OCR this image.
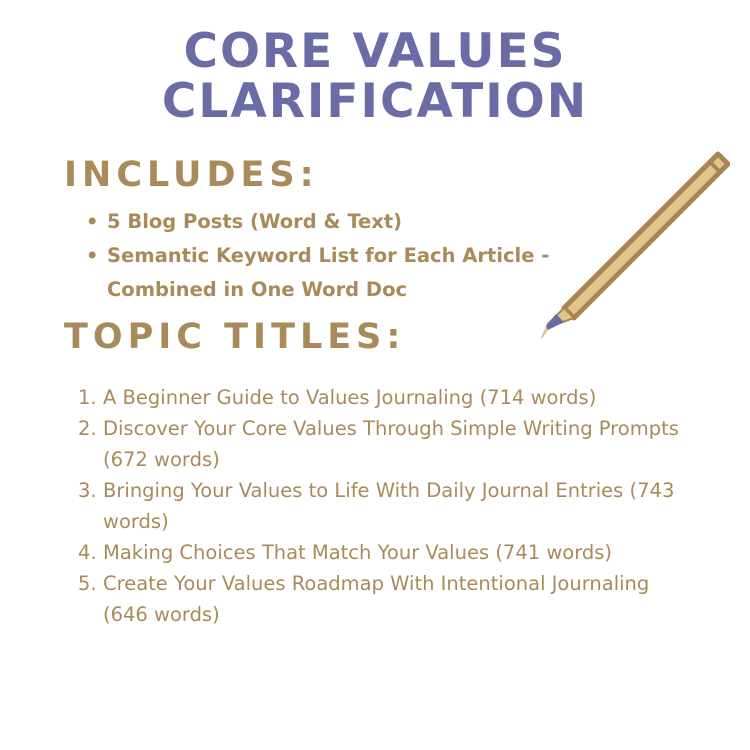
CORE VALUES
CLARIFICATION
INCLUDES:
• 5 Blog Posts (Word & Text)
• Semantic Keyword List for Each Article - Combined in One Word Doc
TOPIC TITLES:
1. A Beginner Guide to Values Journaling (714 words)
2. Discover Your Core Values Through Simple Writing Prompts (672 words)
3. Bringing Your Values to Life With Daily Journal Entries (743 words)
4. Making Choices That Match Your Values (741 words)
5. Create Your Values Roadmap With Intentional Journaling (646 words)
